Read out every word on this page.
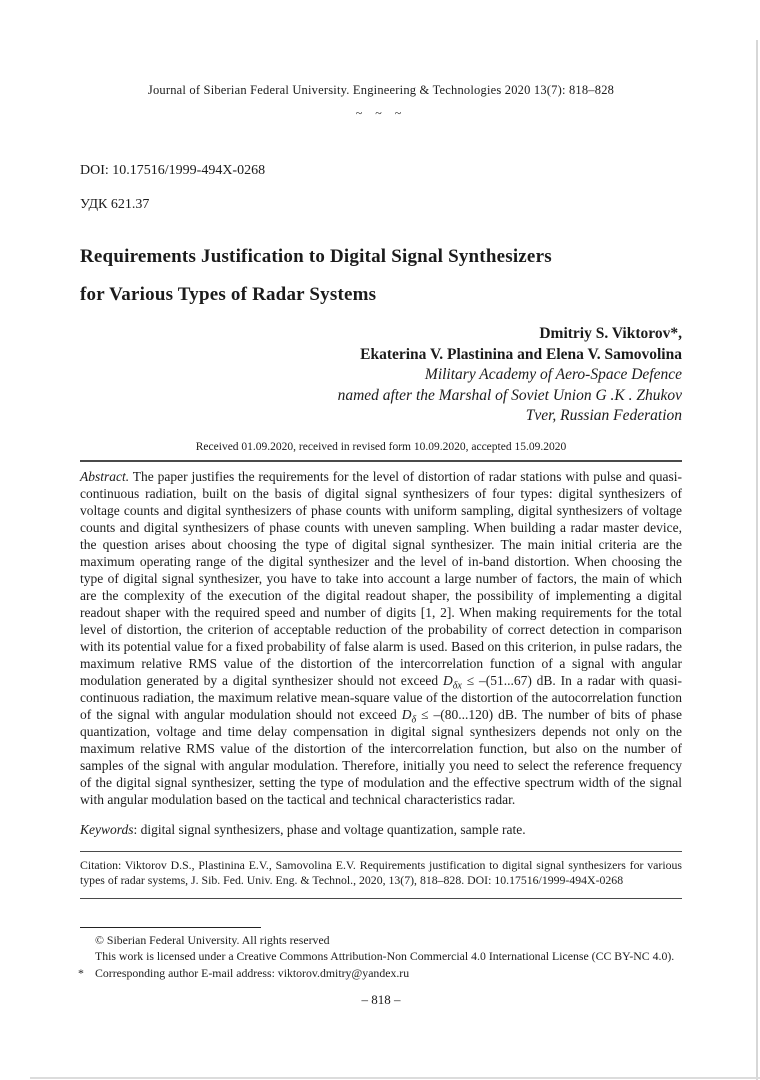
Journal of Siberian Federal University. Engineering & Technologies 2020 13(7): 818–828
~ ~ ~
DOI: 10.17516/1999-494X-0268
УДК 621.37
Requirements Justification to Digital Signal Synthesizers
for Various Types of Radar Systems
Dmitriy S. Viktorov*,
Ekaterina V. Plastinina and Elena V. Samovolina
Military Academy of Aero-Space Defence
named after the Marshal of Soviet Union G .K . Zhukov
Tver, Russian Federation
Received 01.09.2020, received in revised form 10.09.2020, accepted 15.09.2020
Abstract. The paper justifies the requirements for the level of distortion of radar stations with pulse and quasi-continuous radiation, built on the basis of digital signal synthesizers of four types: digital synthesizers of voltage counts and digital synthesizers of phase counts with uniform sampling, digital synthesizers of voltage counts and digital synthesizers of phase counts with uneven sampling. When building a radar master device, the question arises about choosing the type of digital signal synthesizer. The main initial criteria are the maximum operating range of the digital synthesizer and the level of in-band distortion. When choosing the type of digital signal synthesizer, you have to take into account a large number of factors, the main of which are the complexity of the execution of the digital readout shaper, the possibility of implementing a digital readout shaper with the required speed and number of digits [1, 2]. When making requirements for the total level of distortion, the criterion of acceptable reduction of the probability of correct detection in comparison with its potential value for a fixed probability of false alarm is used. Based on this criterion, in pulse radars, the maximum relative RMS value of the distortion of the intercorrelation function of a signal with angular modulation generated by a digital synthesizer should not exceed $D_{\delta x} \le -(51...67)$ dB. In a radar with quasi-continuous radiation, the maximum relative mean-square value of the distortion of the autocorrelation function of the signal with angular modulation should not exceed $D_\delta \le -(80...120)$ dB. The number of bits of phase quantization, voltage and time delay compensation in digital signal synthesizers depends not only on the maximum relative RMS value of the distortion of the intercorrelation function, but also on the number of samples of the signal with angular modulation. Therefore, initially you need to select the reference frequency of the digital signal synthesizer, setting the type of modulation and the effective spectrum width of the signal with angular modulation based on the tactical and technical characteristics radar.
Keywords: digital signal synthesizers, phase and voltage quantization, sample rate.
Citation: Viktorov D.S., Plastinina E.V., Samovolina E.V. Requirements justification to digital signal synthesizers for various types of radar systems, J. Sib. Fed. Univ. Eng. & Technol., 2020, 13(7), 818–828. DOI: 10.17516/1999-494X-0268
© Siberian Federal University. All rights reserved
This work is licensed under a Creative Commons Attribution-Non Commercial 4.0 International License (CC BY-NC 4.0).
* Corresponding author E-mail address: viktorov.dmitry@yandex.ru
– 818 –
